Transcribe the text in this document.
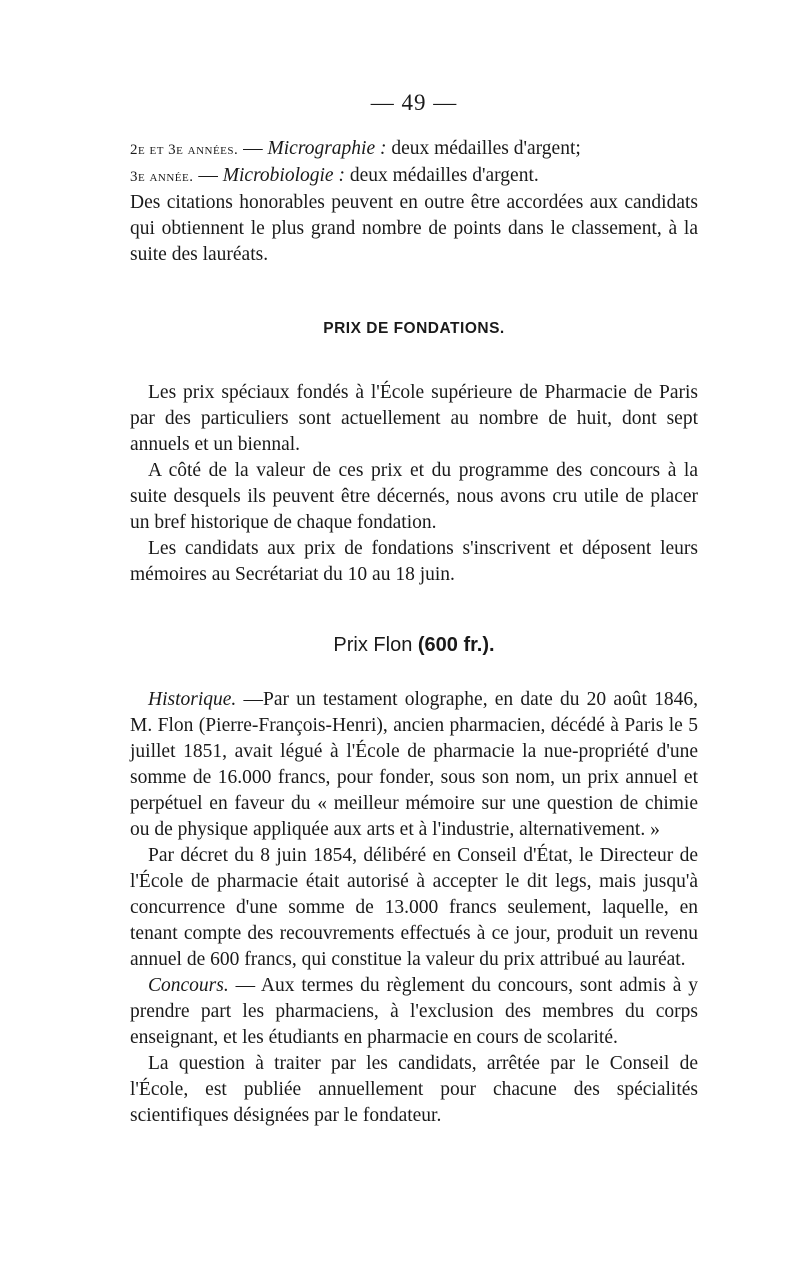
— 49 —

2e et 3e années. — Micrographie : deux médailles d'argent;

3e année. — Microbiologie : deux médailles d'argent.

Des citations honorables peuvent en outre être accordées aux candidats qui obtiennent le plus grand nombre de points dans le classement, à la suite des lauréats.

PRIX DE FONDATIONS.

Les prix spéciaux fondés à l'École supérieure de Pharmacie de Paris par des particuliers sont actuellement au nombre de huit, dont sept annuels et un biennal.

A côté de la valeur de ces prix et du programme des concours à la suite desquels ils peuvent être décernés, nous avons cru utile de placer un bref historique de chaque fondation.

Les candidats aux prix de fondations s'inscrivent et déposent leurs mémoires au Secrétariat du 10 au 18 juin.

Prix Flon (600 fr.).

Historique. —Par un testament olographe, en date du 20 août 1846, M. Flon (Pierre-François-Henri), ancien pharmacien, décédé à Paris le 5 juillet 1851, avait légué à l'École de pharmacie la nue-propriété d'une somme de 16.000 francs, pour fonder, sous son nom, un prix annuel et perpétuel en faveur du « meilleur mémoire sur une question de chimie ou de physique appliquée aux arts et à l'industrie, alternativement. »

Par décret du 8 juin 1854, délibéré en Conseil d'État, le Directeur de l'École de pharmacie était autorisé à accepter le dit legs, mais jusqu'à concurrence d'une somme de 13.000 francs seulement, laquelle, en tenant compte des recouvrements effectués à ce jour, produit un revenu annuel de 600 francs, qui constitue la valeur du prix attribué au lauréat.

Concours. — Aux termes du règlement du concours, sont admis à y prendre part les pharmaciens, à l'exclusion des membres du corps enseignant, et les étudiants en pharmacie en cours de scolarité.

La question à traiter par les candidats, arrêtée par le Conseil de l'École, est publiée annuellement pour chacune des spécialités scientifiques désignées par le fondateur.
